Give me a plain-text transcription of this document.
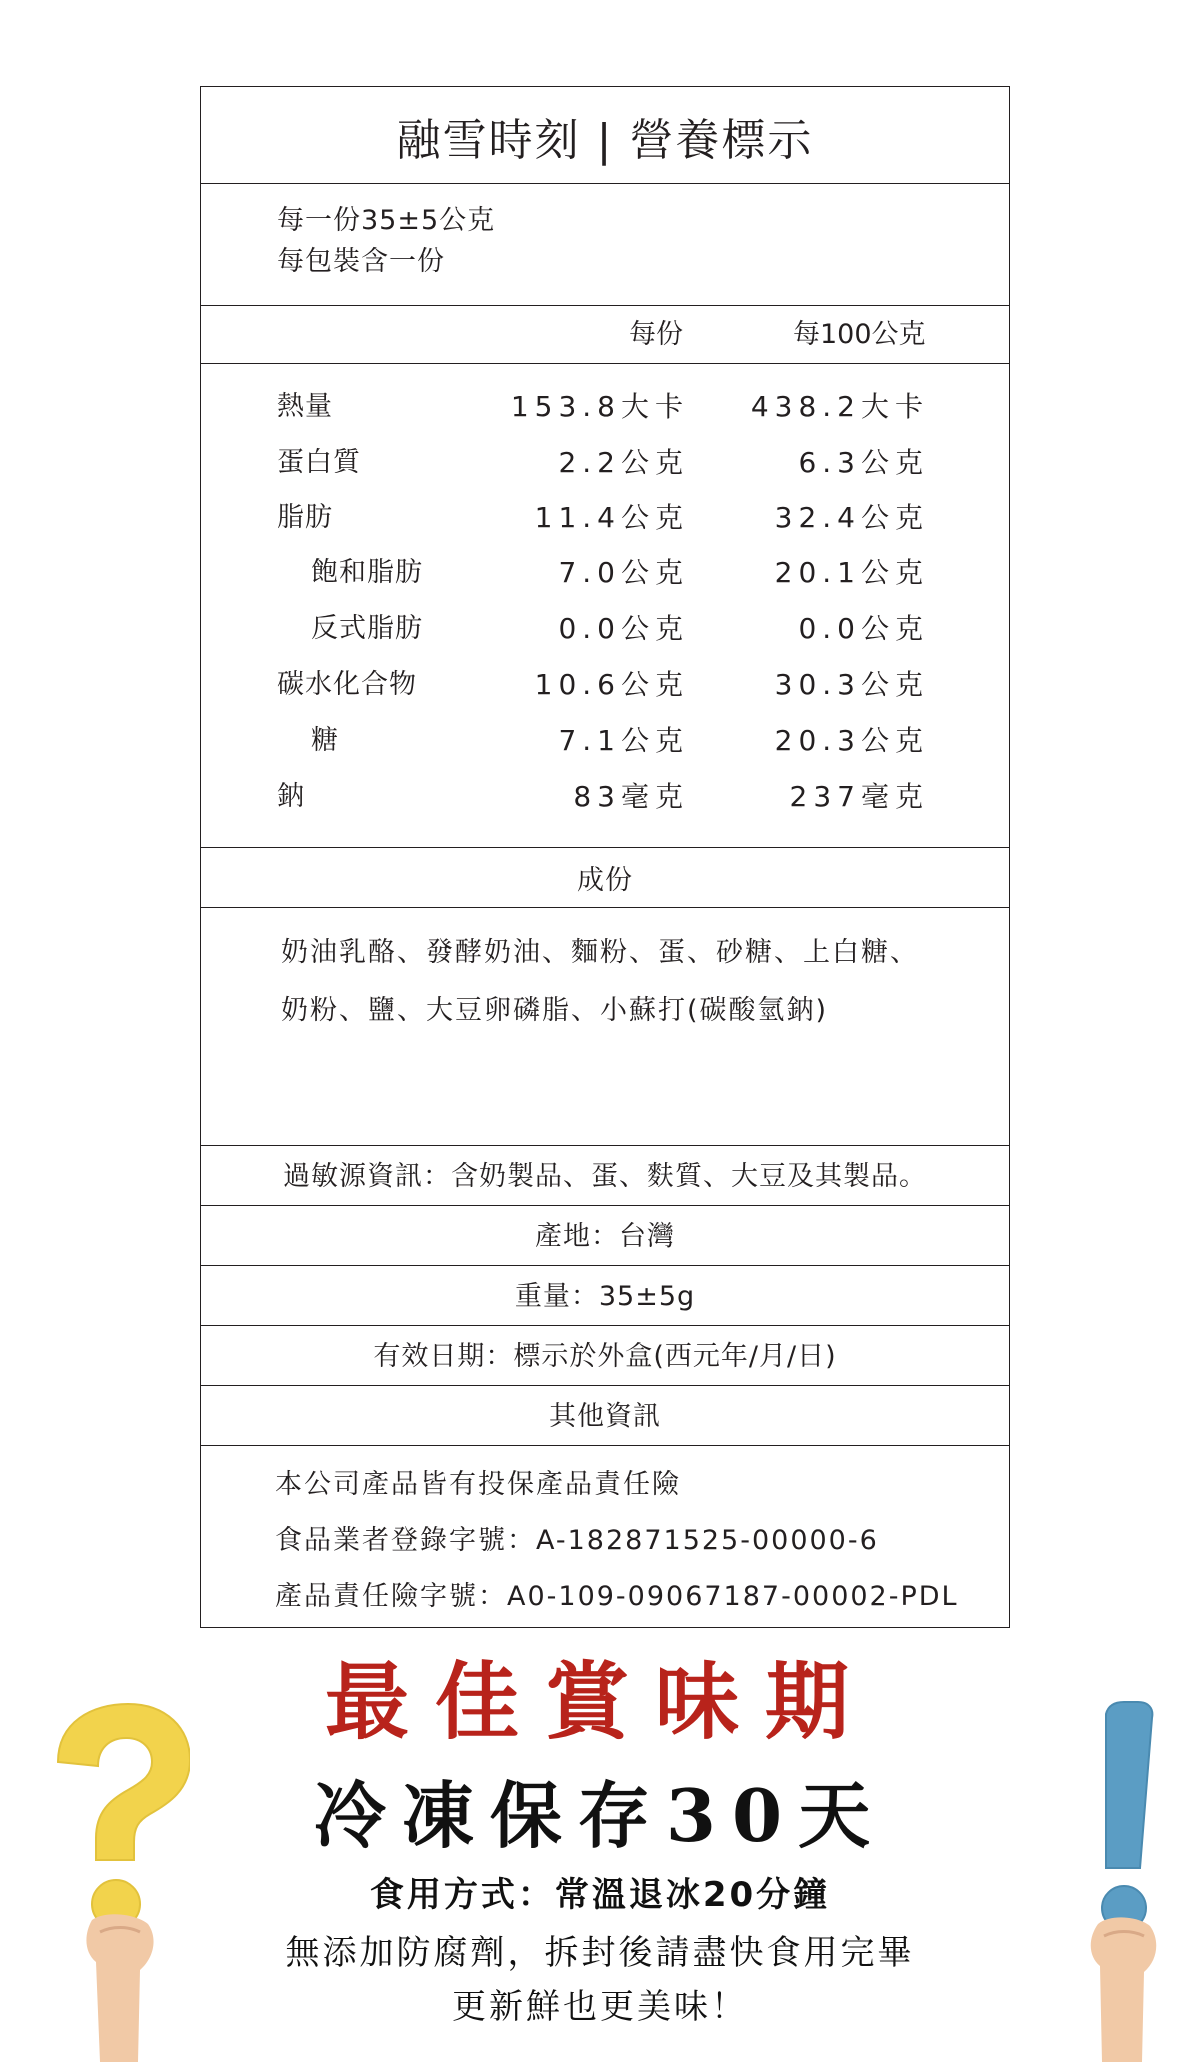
融雪時刻 | 營養標示
每一份35±5公克
每包裝含一份
每份	每100公克
熱量	153.8大卡 438.2大卡
蛋白質	2.2公克	6.3公克
脂肪	11.4公克	32.4公克
飽和脂肪	7.0公克	20.1公克
反式脂肪	0.0公克	0.0公克
碳水化合物	10.6公克	30.3公克
糖	7.1公克	20.3公克
鈉	83毫克	237毫克
成份
奶油乳酪、發酵奶油、麵粉、蛋、砂糖、上白糖、
奶粉、鹽、大豆卵磷脂、小蘇打(碳酸氫鈉)
過敏源資訊：含奶製品、蛋、麩質、大豆及其製品。
產地：台灣
重量：35±5g
有效日期：標示於外盒(西元年/月/日)
其他資訊
本公司產品皆有投保產品責任險
食品業者登錄字號：A-182871525-00000-6
產品責任險字號：A0-109-09067187-00002-PDL
最佳賞味期
冷凍保存30天
食用方式：常溫退冰20分鐘
無添加防腐劑，拆封後請盡快食用完畢
更新鮮也更美味！
